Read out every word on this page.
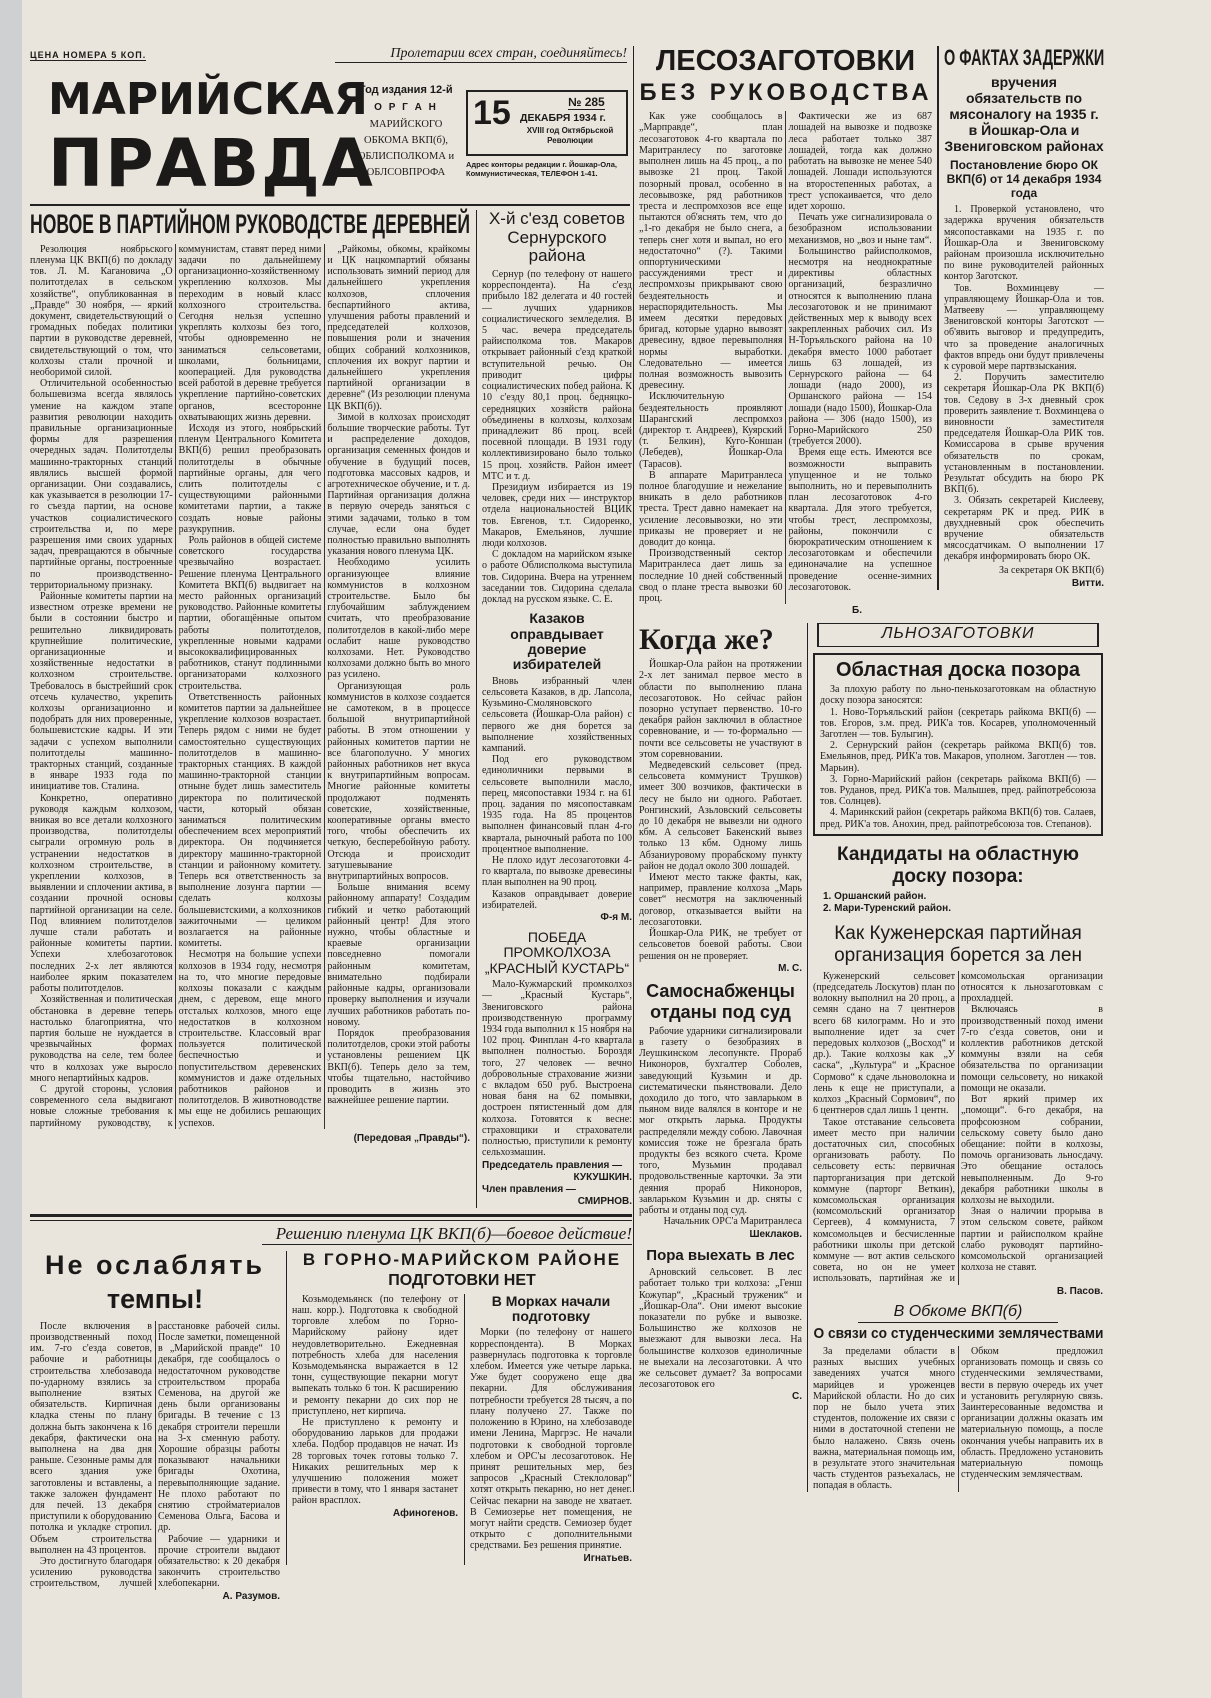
ЦЕНА НОМЕРА 5 КОП.	Пролетарии всех стран, соединяйтесь!
МАРИЙСКАЯ
ПРАВДА
Год издания 12-й
О Р Г А Н
МАРИЙСКОГО
ОБКОМА ВКП(б),
ОБЛИСПОЛКОМА и
ОБЛСОВПРОФА
15	№ 285
ДЕКАБРЯ 1934 г.
XVIII год Октябрьской Революции
Адрес конторы редакции г. Йошкар-Ола, Коммунистическая, ТЕЛЕФОН 1-41.
НОВОЕ В ПАРТИЙНОМ РУКОВОДСТВЕ ДЕРЕВНЕЙ

Резолюция ноябрьского пленума ЦК ВКП(б) по докладу тов. Л. М. Кагановича „О политотделах в сельском хозяйстве“, опубликованная в „Правде“ 30 ноября, — яркий документ, свидетельствующий о громадных победах политики партии в руководстве деревней, свидетельствующий о том, что колхозы стали прочной и необоримой силой.

Отличительной особенностью большевизма всегда являлось умение на каждом этапе развития революции находить правильные организационные формы для разрешения очередных задач. Политотделы машинно-тракторных станций являлись высшей формой организации. Они создавались, как указывается в резолюции 17-го съезда партии, на основе участков социалистического строительства и, по мере разрешения ими своих ударных задач, превращаются в обычные партийные органы, построенные по производственно-территориальному признаку.

Районные комитеты партии на известном отрезке времени не были в состоянии быстро и решительно ликвидировать крупнейшие политические, организационные и хозяйственные недостатки в колхозном строительстве. Требовалось в быстрейший срок отсечь кулачество, укрепить колхозы организационно и подобрать для них проверенные, большевистские кадры. И эти задачи с успехом выполнили политотделы машинно-тракторных станций, созданные в январе 1933 года по инициативе тов. Сталина.

Конкретно, оперативно руководя каждым колхозом, вникая во все детали колхозного производства, политотделы сыграли огромную роль в устранении недостатков в колхозном строительстве, в укреплении колхозов, в выявлении и сплочении актива, в создании прочной основы партийной организации на селе. Под влиянием политотделов лучше стали работать и районные комитеты партии. Успехи хлебозаготовок последних 2-х лет являются наиболее ярким показателем работы политотделов.

Хозяйственная и политическая обстановка в деревне теперь настолько благоприятна, что партия больше не нуждается в чрезвычайных формах руководства на селе, тем более что в колхозах уже выросло много непартийных кадров.

С другой стороны, условия современного села выдвигают новые сложные требования к партийному руководству, к коммунистам, ставят перед ними задачи по дальнейшему организационно-хозяйственному укреплению колхозов. Мы переходим в новый класс колхозного строительства. Сегодня нельзя успешно укреплять колхозы без того, чтобы одновременно не заниматься сельсоветами, школами, больницами, кооперацией. Для руководства всей работой в деревне требуется укрепление партийно-советских органов, всесторонне охватывающих жизнь деревни.

Исходя из этого, ноябрьский пленум Центрального Комитета ВКП(б) решил преобразовать политотделы в обычные партийные органы, для чего слить политотделы с существующими районными комитетами партии, а также создать новые районы разукрупнив.

Роль районов в общей системе советского государства чрезвычайно возрастает. Решение пленума Центрального Комитета ВКП(б) выдвигает на место районных организаций руководство. Районные комитеты партии, обогащённые опытом работы политотделов, укрепленные новыми кадрами высококвалифицированных работников, станут подлинными организаторами колхозного строительства.

Ответственность районных комитетов партии за дальнейшее укрепление колхозов возрастает. Теперь рядом с ними не будет самостоятельно существующих политотделов в машинно-тракторных станциях. В каждой машинно-тракторной станции отныне будет лишь заместитель директора по политической части, который обязан заниматься политическим обеспечением всех мероприятий директора. Он подчиняется директору машинно-тракторной станции и районному комитету. Теперь вся ответственность за выполнение лозунга партии — сделать колхозы большевистскими, а колхозников зажиточными — целиком возлагается на районные комитеты.

Несмотря на большие успехи колхозов в 1934 году, несмотря на то, что многие передовые колхозы показали с каждым днем, с деревом, еще много отсталых колхозов, много еще недостатков в колхозном строительстве. Классовый враг пользуется политической беспечностью и попустительством деревенских коммунистов и даже отдельных работников районов и политотделов. В животноводстве мы еще не добились решающих успехов.

„Райкомы, обкомы, крайкомы и ЦК нацкомпартий обязаны использовать зимний период для дальнейшего укрепления колхозов, сплочения беспартийного актива, улучшения работы правлений и председателей колхозов, повышения роли и значения общих собраний колхозников, сплочения их вокруг партии и дальнейшего укрепления партийной организации в деревне“ (Из резолюции пленума ЦК ВКП(б)).

Зимой в колхозах происходят большие творческие работы. Тут и распределение доходов, организация семенных фондов и обучение в будущий посев, подготовка массовых кадров, и агротехническое обучение, и т. д. Партийная организация должна в первую очередь заняться с этими задачами, только в том случае, если она будет полностью правильно выполнять указания нового пленума ЦК.

Необходимо усилить организующее влияние коммунистов в колхозном строительстве. Было бы глубочайшим заблуждением считать, что преобразование политотделов в какой-либо мере ослабит наше руководство колхозами. Нет. Руководство колхозами должно быть во много раз усилено.

Организующая роль коммунистов в колхозе создается не самотеком, в в процессе большой внутрипартийной работы. В этом отношении у районных комитетов партии не все благополучно. У многих районных работников нет вкуса к внутрипартийным вопросам. Многие районные комитеты продолжают подменять советские, хозяйственные, кооперативные органы вместо того, чтобы обеспечить их четкую, бесперебойную работу. Отсюда и происходит затушевывание внутрипартийных вопросов.

Больше внимания всему районному аппарату! Создадим гибкий и четко работающий районный центр! Для этого нужно, чтобы областные и краевые организации повседневно помогали районным комитетам, внимательно подбирали районные кадры, организовали проверку выполнения и изучали лучших работников работать по-новому.

Порядок преобразования политотделов, сроки этой работы установлены решением ЦК ВКП(б). Теперь дело за тем, чтобы тщательно, настойчиво проводить в жизнь это важнейшее решение партии.

(Передовая „Правды“).
X-й с'езд советов Сернурского района

Сернур (по телефону от нашего корреспондента). На с'езд прибыло 182 делегата и 40 гостей — лучших ударников социалистического земледелия. В 5 час. вечера председатель райисполкома тов. Макаров открывает районный с'езд краткой вступительной речью. Он приводит цифры социалистических побед района. К 10 с'езду 80,1 проц. бедняцко-середняцких хозяйств района объединены в колхозы, колхозам принадлежит 86 проц. всей посевной площади. В 1931 году коллективизировано было только 15 проц. хозяйств. Район имеет МТС и т. д.

Президиум избирается из 19 человек, среди них — инструктор отдела национальностей ВЦИК тов. Евгенов, т.т. Сидоренко, Макаров, Емельянов, лучшие люди колхозов.

С докладом на марийском языке о работе Облисполкома выступила тов. Сидорина. Вчера на утреннем заседании тов. Сидорина сделала доклад на русском языке. С. Е.

Казаков оправдывает доверие избирателей

Вновь избранный член сельсовета Казаков, в др. Лапсола, Кузьмино-Смоляновского сельсовета (Йошкар-Ола район) с первого же дня борется за выполнение хозяйственных кампаний.

Под его руководством единоличники первыми в сельсовете выполнили масло, перец, мясопоставки 1934 г. на 61 проц. задания по мясопоставкам 1935 года. На 85 процентов выполнен финансовый план 4-го квартала, рыночный работа по 100 процентное выполнение.

Не плохо идут лесозаготовки 4-го квартала, по вывозке древесины план выполнен на 90 проц.

Казаков оправдывает доверие избирателей.

Ф-я М.
ПОБЕДА ПРОМКОЛХОЗА „КРАСНЫЙ КУСТАРЬ“

Мало-Кужмарский промколхоз — „Красный Кустарь“, Звениговского района производственную программу 1934 года выполнил к 15 ноября на 102 проц. Финплан 4-го квартала выполнен полностью. Бороздя того, 27 человек — вечно добровольные страхование жизни с вкладом 650 руб. Выстроена новая баня на 62 помывки, достроен пятистенный дом для колхоза. Готовятся к весне: страховщики и страхователи полностью, приступили к ремонту сельхозмашин.

Председатель правления —
КУКУШКИН.
Член правления —
СМИРНОВ.
Решению пленума ЦК ВКП(б)—боевое действие!
Не ослаблять
темпы!

После включения в производственный поход им. 7-го с'езда советов, рабочие и работницы строительства хлебозавода по-ударному взялись за выполнение взятых обязательств. Кирпичная кладка стены по плану должна быть закончена к 16 декабря, фактически она выполнена на два дня раньше. Сезонные рамы для всего здания уже заготовлены и вставлены, а также заложен фундамент для печей. 13 декабря приступили к оборудованию потолка и укладке стропил. Объем строительства выполнен на 43 процентов.

Это достигнуто благодаря усилению руководства строительством, лучшей расстановке рабочей силы. После заметки, помещенной в „Марийской правде“ 10 декабря, где сообщалось о недостаточном руководстве строительством прораба Семенова, на другой же день были организованы бригады. В течение с 13 декабря строители перешли на 3-х сменную работу. Хорошие образцы работы показывают начальники бригады Охотина, перевыполняющие задание. Не плохо работают по снятию стройматериалов Семенова Ольга, Басова и др.

Рабочие — ударники и прочие строители выдают обязательство: к 20 декабря закончить строительство хлебопекарни.

А. Разумов.
В ГОРНО-МАРИЙСКОМ РАЙОНЕ
ПОДГОТОВКИ НЕТ

Козьмодемьянск (по телефону от наш. корр.). Подготовка к свободной торговле хлебом по Горно-Марийскому району идет неудовлетворительно. Ежедневная потребность хлеба для населения Козьмодемьянска выражается в 12 тонн, существующие пекарни могут выпекать только 6 тон. К расширению и ремонту пекарни до сих пор не приступлено, нет кирпича.

Не приступлено к ремонту и оборудованию ларьков для продажи хлеба. Подбор продавцов не начат. Из 28 торговых точек готовы только 7. Никаких решительных мер к улучшению положения может привести в тому, что 1 января застанет район врасплох.

Афиногенов.
В Морках начали подготовку

Морки (по телефону от нашего корреспондента). В Морках развернулась подготовка к торговле хлебом. Имеется уже четыре ларька. Уже будет сооружено еще два пекарни. Для обслуживания потребности требуется 28 тысяч, а по плану получено 27. Также по положению в Юрино, на хлебозаводе имени Ленина, Маргрэс. Не начали подготовки к свободной торговле хлебом и ОРС'ы лесозаготовок. Не принят решительных мер, без запросов „Красный Стеклоловар“ хотят открыть пекарню, но нет денег. Сейчас пекарни на заводе не хватает. В Семиозерье нет помещения, не могут найти средств. Семиозер будет открыто с дополнительными средствами. Без решения принятие.

Игнатьев.
ЛЕСОЗАГОТОВКИ
БЕЗ РУКОВОДСТВА

Как уже сообщалось в „Марправде“, план лесозаготовок 4-го квартала по Маритранлесу по заготовке выполнен лишь на 45 проц., а по вывозке 21 проц. Такой позорный провал, особенно в лесовывозке, ряд работников треста и леспромхозов все еще пытаются об'яснять тем, что до „1-го декабря не было снега, а теперь снег хотя и выпал, но его недостаточно“ (?). Такими оппортуническими рассуждениями трест и леспромхозы прикрывают свою бездеятельность и нераспорядительность. Мы имеем десятки передовых бригад, которые ударно вывозят древесину, вдвое перевыполняя нормы выработки. Следовательно — имеется полная возможность вывозить древесину.

Исключительную бездеятельность проявляют Шарангский леспромхоз (директор т. Андреев), Куярский (т. Белкин), Куго-Коншан (Лебедев), Йошкар-Ола (Тарасов).

В аппарате Маритранлеса полное благодушие и нежелание вникать в дело работников треста. Трест давно намекает на усиление лесовывозки, но эти приказы не проверяет и не доводит до конца.

Производственный сектор Маритранлеса дает лишь за последние 10 дней собственный свод о плане треста вывозки 60 проц.

Фактически же из 687 лошадей на вывозке и подвозке леса работает только 387 лошадей, тогда как должно работать на вывозке не менее 540 лошадей. Лошади используются на второстепенных работах, а трест успокаивается, что дело идет хорошо.

Печать уже сигнализировала о безобразном использовании механизмов, но „воз и ныне там“.

Большинство райисполкомов, несмотря на неоднократные директивы областных организаций, безразлично относятся к выполнению плана лесозаготовок и не принимают действенных мер к выводу всех закрепленных рабочих сил. Из Н-Торъяльского района на 10 декабря вместо 1000 работает лишь 63 лошадей, из Сернурского района — 64 лошади (надо 2000), из Оршанского района — 154 лошади (надо 1500), Йошкар-Ола района — 306 (надо 1500), из Горно-Марийского 250 (требуется 2000).

Время еще есть. Имеются все возможности выправить упущенное и не только выполнить, но и перевыполнить план лесозаготовок 4-го квартала. Для этого требуется, чтобы трест, леспромхозы, районы, покончили с бюрократическим отношением к лесозаготовкам и обеспечили единоначалие на успешное проведение осенне-зимних лесозаготовок.

Б.
О ФАКТАХ ЗАДЕРЖКИ
вручения обязательств по мясоналогу на 1935 г. в Йошкар-Ола и Звениговском районах
Постановление бюро ОК ВКП(б) от 14 декабря 1934 года

1. Проверкой установлено, что задержка вручения обязательств мясопоставками на 1935 г. по Йошкар-Ола и Звениговскому районам произошла исключительно по вине руководителей районных контор Заготскот.

Тов. Вохминцеву — управляющему Йошкар-Ола и тов. Матвееву — управляющему Звениговской конторы Заготскот — об'явить выговор и предупредить, что за проведение аналогичных фактов впредь они будут привлечены к суровой мере партвзыскания.

2. Поручить заместителю секретаря Йошкар-Ола РК ВКП(б) тов. Седову в 3-х дневный срок проверить заявление т. Вохминцева о виновности заместителя председателя Йошкар-Ола РИК тов. Комиссарова в срыве вручения обязательств по срокам, установленным в постановлении. Результат обсудить на бюро РК ВКП(б).

3. Обязать секретарей Кислееву, секретарям РК и пред. РИК в двухдневный срок обеспечить вручение обязательств мясосдатчикам. О выполнении 17 декабря информировать бюро ОК.

За секретаря ОК ВКП(б)
Витти.
Когда же?

Йошкар-Ола район на протяжении 2-х лет занимал первое место в области по выполнению плана лесозаготовок. Но сейчас район позорно уступает первенство. 10-го декабря район заключил в областное соревнование, и — то-формально — почти все сельсоветы не участвуют в этом соревновании.

Медведевский сельсовет (пред. сельсовета коммунист Трушков) имеет 300 возчиков, фактически в лесу не было ни одного. Работает. Ронгинский, Азьловский сельсоветы до 10 декабря не вывезли ни одного кбм. А сельсовет Бакенский вывез только 13 кбм. Одному лишь Абзаниуровому прорабскому пункту район не додал около 300 лошадей.

Имеют место также факты, как, например, правление колхоза „Марь совет“ несмотря на заключенный договор, отказывается выйти на лесозаготовки.

Йошкар-Ола РИК, не требует от сельсоветов боевой работы. Свои решения он не проверяет.

М. С.
Самоснабженцы отданы под суд

Рабочие ударники сигнализировали в газету о безобразиях в Леушкинском лесопункте. Прораб Никоноров, бухгалтер Соболев, заведующий Кузьмин и др. систематически пьянствовали. Дело доходило до того, что завларьком в пьяном виде валялся в конторе и не мог открыть ларька. Продукты распределяли между собою. Лавочная комиссия тоже не брезгала брать продукты без всякого счета. Кроме того, Музьмин продавал продовольственные карточки. За эти деяния прораб Никоноров, завларьком Кузьмин и др. сняты с работы и отданы под суд.

Начальник ОРС'а Маритранлеса
Шеклаков.
Пора выехать в лес

Арновский сельсовет. В лес работает только три колхоза: „Генш Кожупар“, „Красный труженик“ и „Йошкар-Ола“. Они имеют высокие показатели по рубке и вывозке. Большинство же колхозов не выезжают для вывозки леса. На большинстве колхозов единоличные не выехали на лесозаготовки. А что же сельсовет думает? За вопросами лесозаготовок его

С.
ЛЬНОЗАГОТОВКИ
Областная доска позора

За плохую работу по льно-пенькозаготовкам на областную доску позора заносятся:

1. Ново-Торъяльский район (секретарь райкома ВКП(б) — тов. Егоров, з.м. пред. РИК'а тов. Косарев, уполномоченный Заготлен — тов. Булыгин).

2. Сернурский район (секретарь райкома ВКП(б) тов. Емельянов, пред. РИК'а тов. Макаров, уполном. Заготлен — тов. Марьин).

3. Горно-Марийский район (секретарь райкома ВКП(б) — тов. Руданов, пред. РИК'а тов. Малышев, пред. райпотребсоюза тов. Солнцев).

4. Маринкский район (секретарь райкома ВКП(б) тов. Салаев, пред. РИК'а тов. Анохин, пред. райпотребсоюза тов. Степанов).

Кандидаты на областную доску позора:
1. Оршанский район.
2. Мари-Туренский район.
Как Куженерская партийная организация борется за лен

Куженерский сельсовет (председатель Лоскутов) план по волокну выполнил на 20 проц., а семян сдано на 7 центнеров всего 68 килограмм. Но и это выполнение идет за счет передовых колхозов („Восход“ и др.). Такие колхозы как „У саска“, „Культура“ и „Красное Сормово“ к сдаче льноволокна и лень к еще не приступали, а колхоз „Красный Сормович“, по 6 центнеров сдал лишь 1 центн.

Такое отставание сельсовета имеет место при наличии достаточных сил, способных организовать работу. По сельсовету есть: первичная парторганизация при детской коммуне (парторг Веткин), комсомольская организация (комсомольский организатор Сергеев), 4 коммуниста, 7 комсомольцев и бесчисленные работники школы при детской коммуне — вот актив сельского совета, но он не умеет использовать, партийная же и комсомольская организации относятся к льнозаготовкам с прохладцей.

Включаясь в производственный поход имени 7-го с'езда советов, они и коллектив работников детской коммуны взяли на себя обязательства по организации помощи сельсовету, но никакой помощи не оказали.

Вот яркий пример их „помощи“. 6-го декабря, на профсоюзном собрании, сельскому совету было дано обещание: пойти в колхозы, помочь организовать льносдачу. Это обещание осталось невыполненным. До 9-го декабря работники школы в колхозы не выходили.

Зная о наличии прорыва в этом сельском совете, райком партии и райисполком крайне слабо руководят партийно-комсомольской организацией колхоза не ставят.

В. Пасов.
В Обкоме ВКП(б)
О связи со студенческими землячествами

За пределами области в разных высших учебных заведениях учатся много марийцев и уроженцев Марийской области. Но до сих пор не было учета этих студентов, положение их связи с ними в достаточной степени не было налажено. Связь очень важна, материальная помощь им, в результате этого значительная часть студентов разъехалась, не попадая в область.

Обком предложил организовать помощь и связь со студенческими землячествами, вести в первую очередь их учет и установить регулярную связь. Заинтересованные ведомства и организации должны оказать им материальную помощь, а после окончания учебы направить их в область. Предложено установить материальную помощь студенческим землячествам.
